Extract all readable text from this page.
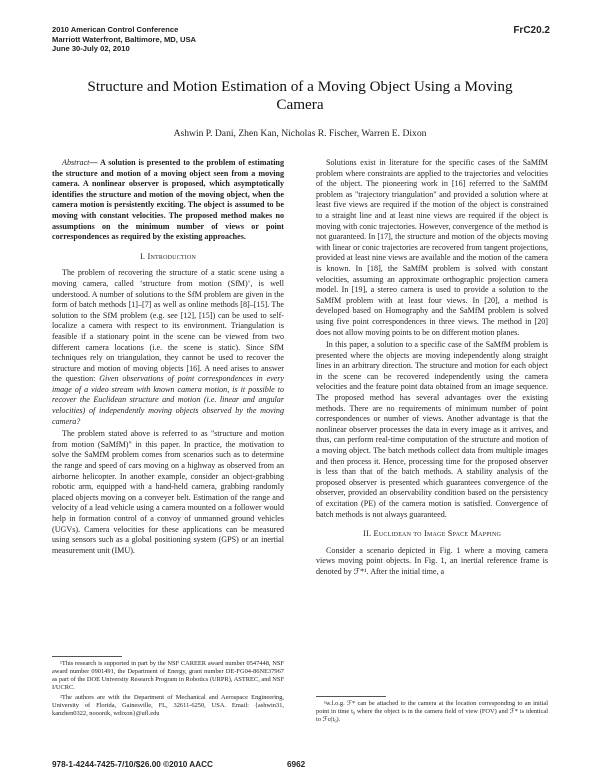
2010 American Control Conference
Marriott Waterfront, Baltimore, MD, USA
June 30-July 02, 2010
FrC20.2
Structure and Motion Estimation of a Moving Object Using a Moving
Camera
Ashwin P. Dani, Zhen Kan, Nicholas R. Fischer, Warren E. Dixon

Abstract— A solution is presented to the problem of estimating the structure and motion of a moving object seen from a moving camera. A nonlinear observer is proposed, which asymptotically identifies the structure and motion of the moving object, when the camera motion is persistently exciting. The object is assumed to be moving with constant velocities. The proposed method makes no assumptions on the minimum number of views or point correspondences as required by the existing approaches.

I. Introduction

The problem of recovering the structure of a static scene using a moving camera, called ‘structure from motion (SfM)’, is well understood. A number of solutions to the SfM problem are given in the form of batch methods [1]–[7] as well as online methods [8]–[15]. The solution to the SfM problem (e.g. see [12], [15]) can be used to self-localize a camera with respect to its environment. Triangulation is feasible if a stationary point in the scene can be viewed from two different camera locations (i.e. the scene is static). Since SfM techniques rely on triangulation, they cannot be used to recover the structure and motion of moving objects [16]. A need arises to answer the question: Given observations of point correspondences in every image of a video stream with known camera motion, is it possible to recover the Euclidean structure and motion (i.e. linear and angular velocities) of independently moving objects observed by the moving camera?

The problem stated above is referred to as "structure and motion from motion (SaMfM)" in this paper. In practice, the motivation to solve the SaMfM problem comes from scenarios such as to determine the range and speed of cars moving on a highway as observed from an airborne helicopter. In another example, consider an object-grabbing robotic arm, equipped with a hand-held camera, grabbing randomly placed objects moving on a conveyer belt. Estimation of the range and velocity of a lead vehicle using a camera mounted on a follower would help in formation control of a convoy of unmanned ground vehicles (UGVs). Camera velocities for these applications can be measured using sensors such as a global positioning system (GPS) or an inertial measurement unit (IMU).

¹This research is supported in part by the NSF CAREER award number 0547448, NSF award number 0901491, the Department of Energy, grant number DE-FG04-86NE37967 as part of the DOE University Research Program in Robotics (URPR), ASTREC, and NSF I/UCRC.

²The authors are with the Department of Mechanical and Aerospace Engineering, University of Florida, Gainesville, FL, 32611-6250, USA. Email: {ashwin31, kanzhen0322, nooonik, wdixon}@ufl.edu

Solutions exist in literature for the specific cases of the SaMfM problem where constraints are applied to the trajectories and velocities of the object. The pioneering work in [16] referred to the SaMfM problem as "trajectory triangulation" and provided a solution where at least five views are required if the motion of the object is constrained to a straight line and at least nine views are required if the object is moving with conic trajectories. However, convergence of the method is not guaranteed. In [17], the structure and motion of the objects moving with linear or conic trajectories are recovered from tangent projections, provided at least nine views are available and the motion of the camera is known. In [18], the SaMfM problem is solved with constant velocities, assuming an approximate orthographic projection camera model. In [19], a stereo camera is used to provide a solution to the SaMfM problem with at least four views. In [20], a method is developed based on Homography and the SaMfM problem is solved using five point correspondences in three views. The method in [20] does not allow moving points to be on different motion planes.

In this paper, a solution to a specific case of the SaMfM problem is presented where the objects are moving independently along straight lines in an arbitrary direction. The structure and motion for each object in the scene can be recovered independently using the camera velocities and the feature point data obtained from an image sequence. The proposed method has several advantages over the existing methods. There are no requirements of minimum number of point correspondences or number of views. Another advantage is that the nonlinear observer processes the data in every image as it arrives, and thus, can perform real-time computation of the structure and motion of a moving object. The batch methods collect data from multiple images and then process it. Hence, processing time for the proposed observer is less than that of the batch methods. A stability analysis of the proposed observer is presented which guarantees convergence of the observer, provided an observability condition based on the persistency of excitation (PE) of the camera motion is satisfied. Convergence of batch methods is not always guaranteed.

II. Euclidean to Image Space Mapping

Consider a scenario depicted in Fig. 1 where a moving camera views moving point objects. In Fig. 1, an inertial reference frame is denoted by ℱ*¹. After the initial time, a

¹w.l.o.g. ℱ* can be attached to the camera at the location corresponding to an initial point in time t₀ where the object is in the camera field of view (FOV) and ℱ* is identical to ℱc(t₀).

978-1-4244-7425-7/10/$26.00 ©2010 AACC	6962
